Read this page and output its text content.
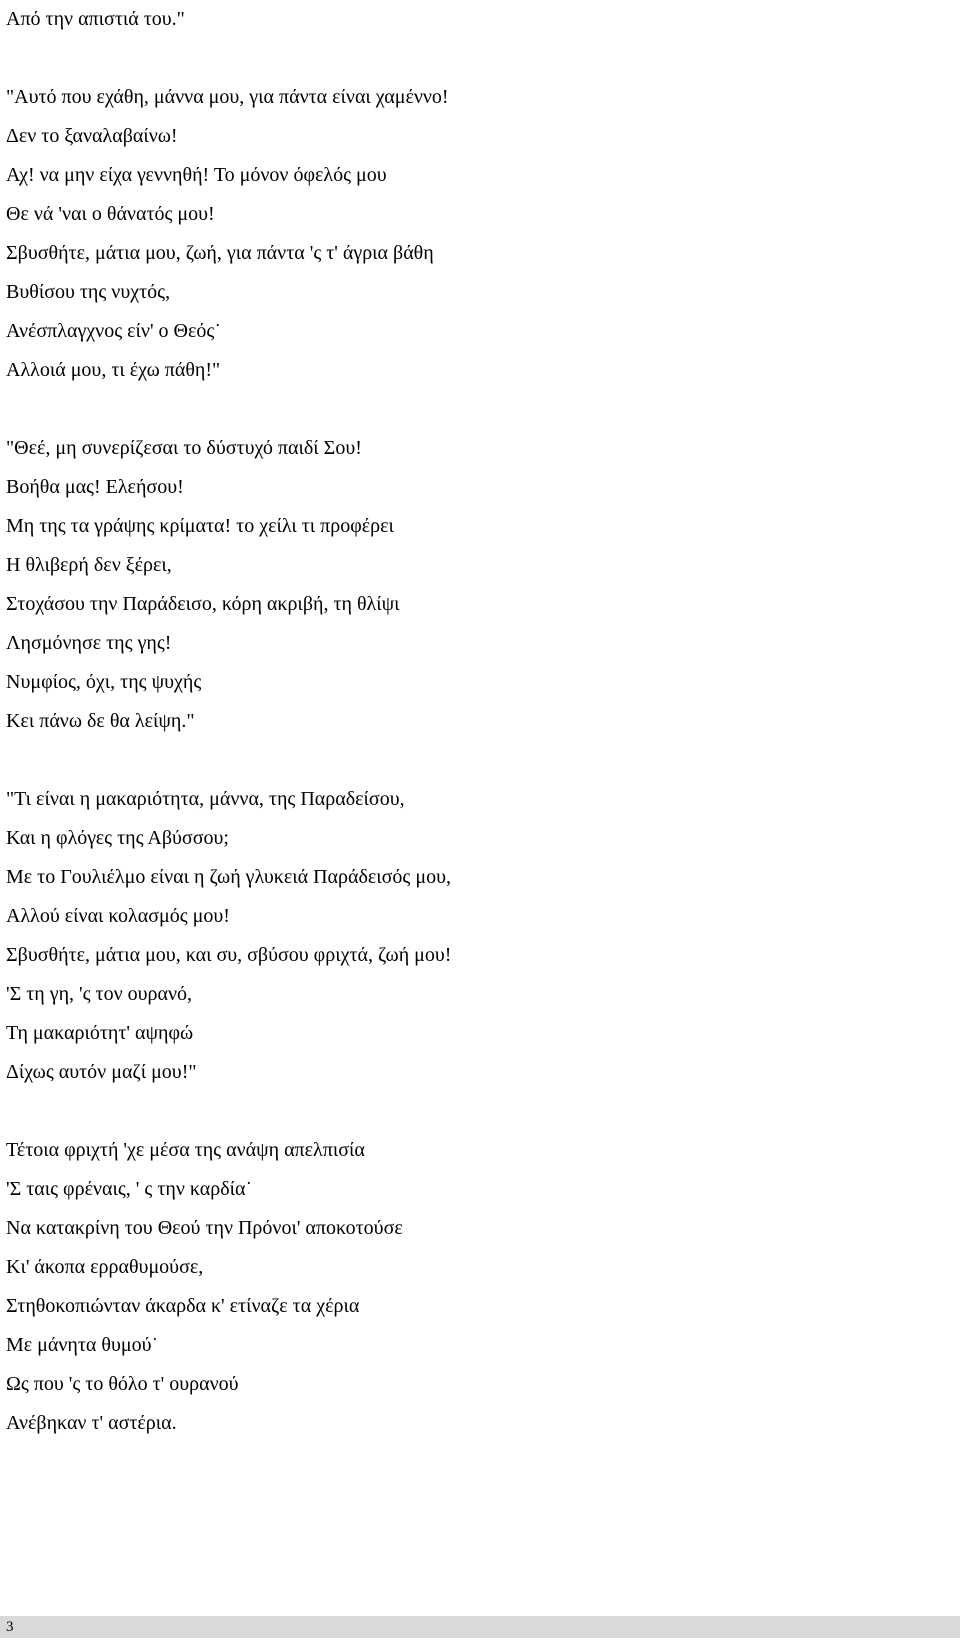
Από την απιστιά του."
"Αυτό που εχάθη, μάννα μου, για πάντα είναι χαμέννο!
Δεν το ξαναλαβαίνω!
Αχ! να μην είχα γεννηθή! Το μόνον όφελός μου
Θε νά 'ναι ο θάνατός μου!
Σβυσθήτε, μάτια μου, ζωή, για πάντα 'ς τ' άγρια βάθη
Βυθίσου της νυχτός,
Ανέσπλαγχνος είν' ο Θεός˙
Αλλοιά μου, τι έχω πάθη!"
"Θεέ, μη συνερίζεσαι το δύστυχό παιδί Σου!
Βοήθα μας! Ελεήσου!
Μη της τα γράψης κρίματα! το χείλι τι προφέρει
Η θλιβερή δεν ξέρει,
Στοχάσου την Παράδεισο, κόρη ακριβή, τη θλίψι
Λησμόνησε της γης!
Νυμφίος, όχι, της ψυχής
Κει πάνω δε θα λείψη."
"Τι είναι η μακαριότητα, μάννα, της Παραδείσου,
Και η φλόγες της Αβύσσου;
Με το Γουλιέλμο είναι η ζωή γλυκειά Παράδεισός μου,
Αλλού είναι κολασμός μου!
Σβυσθήτε, μάτια μου, και συ, σβύσου φριχτά, ζωή μου!
'Σ τη γη, 'ς τον ουρανό,
Τη μακαριότητ' αψηφώ
Δίχως αυτόν μαζί μου!"
Τέτοια φριχτή 'χε μέσα της ανάψη απελπισία
'Σ ταις φρέναις, ' ς την καρδία˙
Να κατακρίνη του Θεού την Πρόνοι' αποκοτούσε
Κι' άκοπα ερραθυμούσε,
Στηθοκοπιώνταν άκαρδα κ' ετίναζε τα χέρια
Με μάνητα θυμού˙
Ως που 'ς το θόλο τ' ουρανού
Ανέβηκαν τ' αστέρια.
3
